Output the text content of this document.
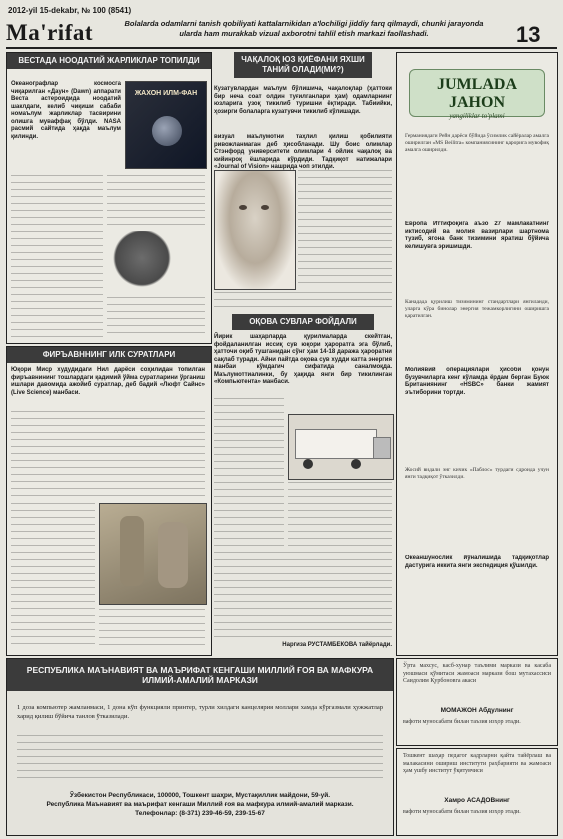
2012-yil 15-dekabr, № 100 (8541)
Ma'rifat	Bolalarda odamlarni tanish qobiliyati kattalarnikidan a'lochiligi jiddiy farq qilmaydi, chunki jarayonda ularda ham murakkab vizual axborotni tahlil etish markazi faollashadi.	13
ВЕСТАДА НООДАТИЙ ЖАРЛИКЛАР ТОПИЛДИ
Океанографлар космосга чиқарилган «Даун» (Dawn) аппарати Веста астероидида ноодатий шаклдаги, келиб чиқиши сабаби номаълум жарликлар тасвирини олишга муваффақ бўлди. NASA расмий сайтида ҳақда маълум қилинди.
ЖАХОН ИЛМ-ФАН
ФИРЪАВННИНГ ИЛК СУРАТЛАРИ
Юқори Миср худудидаги Нил дарёси соҳилидан топилган фиръавнининг тошлардаги қадимий ўйма суратларини ўрганиш ишлари давомида ажойиб суратлар, деб бадий «Люфт Сайнс» (Live Science) манбаси.
ЧАҚАЛОҚ ЮЗ ҚИЁФАНИ ЯХШИ ТАНИЙ ОЛАДИ(МИ?)
Кузатувлардан маълум бўлишича, чақалоқлар (ҳаттоки бир неча соат олдин туғилганлари ҳам) одамларнинг юзларига узоқ тикилиб туришни ёқтиради. Табиийки, ҳозирги болаларга кузатувчи тикилиб кўлишади.
визуал маълумотни таҳлил қилиш қобилияти ривожланмаган деб ҳисобланади. Шу боис олимлар Стэнфорд университети олимлари 4 ойлик чақалоқ ва кийинроқ ёшларида кўрдиди. Тадқиқот натижалари «Journal of Vision» нашрида чоп этилди.
ОҚОВА СУВЛАР ФОЙДАЛИ
Йирик шаҳарларда қурилмаларда скейтган, фойдаланилган иссиқ сув юқори ҳароратга эга бўлиб, ҳатточи оқиб тушганидан сўнг ҳам 14-18 даража ҳароратни сақлаб туради. Айни пайтда оқова сув худди катта энергия манбаи кўмдагич сифатида саналмоқда. Маълумоттиалинки, бу ҳақида янги бир тикилинган «Компьютента» манбаси.
Наргиза РУСТАМБЕКОВА тайёрлади.
JUMLADA JAHON
yangiliklar to'plami
Германиядаги Рейн дарёси бўйида ўсимлик сайёралар амалга оширилган «MS Beilitra» компаниясининг қарорига мувофиқ амалга оширилди.
Европа Иттифоқига аъзо 27 мамлакатнинг иктисодий ва молия вазирлари шартнома тузиб, ягона банк тизимини яратиш бўйича келишувга эришишди.
Канадада қурилиш тизимининг стандартлари янгиланди, уларга кўра бинолар энергия тежамкорлигини оширишга қаратилган.
Молиявий операциялари ҳисоби қонун бузувчиларга кенг кўламда ёрдам берган Буюк Британиянинг «HSBC» банки жамият эътиборини тортди.
Жосий видали энг кичик «Паблос» турдаги сдроида учун янги тадқиқот ўтказилди.
Океаншунослик йўналишида тадқиқотлар дастурига иккита янги экспедиция қўшилди.
РЕСПУБЛИКА МАЪНАВИЯТ ВА МАЪРИФАТ КЕНГАШИ МИЛЛИЙ ҒОЯ ВА МАФКУРА ИЛМИЙ-АМАЛИЙ МАРКАЗИ
1 доза компьютер жамланмаси, 1 дона кўп функцияли принтер, турли хилдаги канцелярия моллари хамда кўргазмали ҳужжатлар харид қилиш бўйича танлов ўтказилади.
Ўзбекистон Республикаси, 100000, Тошкент шаҳри, Мустақиллик майдони, 59-уй.
Республика Маънавият ва маърифат кенгаши Миллий ғоя ва мафкура илмий-амалий маркази.
Телефонлар: (8-371) 239-46-59, 239-15-67
Ўрта махсус, касб-хунар таълими маркази ва касаба уюшмаси қўмитаси жамоаси маркази бош мутахассиси Саидолим Қурбоновга акаси
МОМАЖОН Абдулнинг
вафоти муносабати билан таъзия изҳор этади.
Тошкент шаҳар педагог кадрларни қайта тайёрлаш ва малакасини ошириш институти раҳбарияти ва жамоаси ҳам ушбу институт ўқитувчиси
Хамро АСАДОВнинг
вафоти муносабати билан таъзия изҳор этади.
